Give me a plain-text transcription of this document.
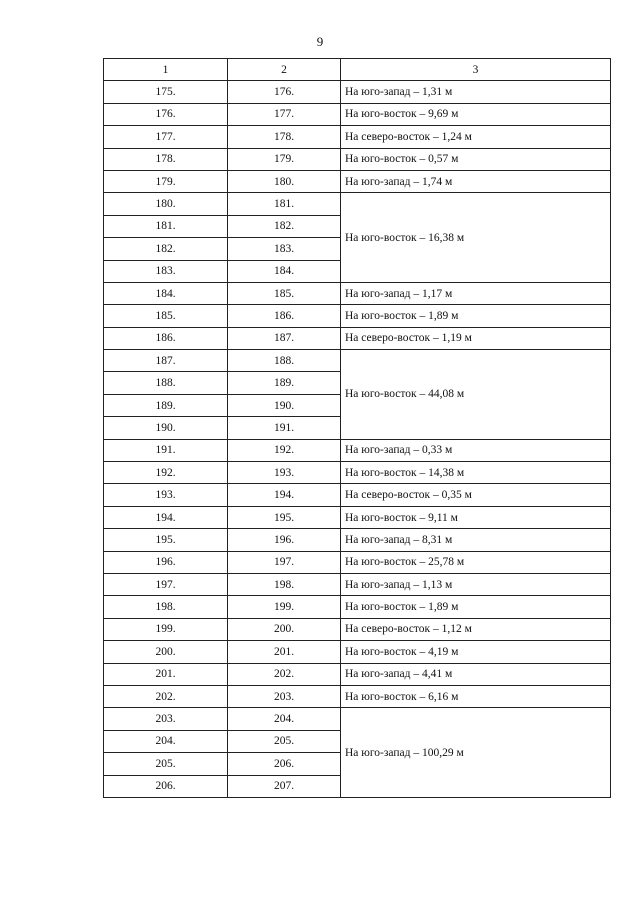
9
1	2	3
175.	176.	На юго-запад – 1,31 м
176.	177.	На юго-восток – 9,69 м
177.	178.	На северо-восток – 1,24 м
178.	179.	На юго-восток – 0,57 м
179.	180.	На юго-запад – 1,74 м
180.	181.	На юго-восток – 16,38 м
181.	182.	
182.	183.	
183.	184.	
184.	185.	На юго-запад – 1,17 м
185.	186.	На юго-восток – 1,89 м
186.	187.	На северо-восток – 1,19 м
187.	188.	На юго-восток – 44,08 м
188.	189.	
189.	190.	
190.	191.	
191.	192.	На юго-запад – 0,33 м
192.	193.	На юго-восток – 14,38 м
193.	194.	На северо-восток – 0,35 м
194.	195.	На юго-восток – 9,11 м
195.	196.	На юго-запад – 8,31 м
196.	197.	На юго-восток – 25,78 м
197.	198.	На юго-запад – 1,13 м
198.	199.	На юго-восток – 1,89 м
199.	200.	На северо-восток – 1,12 м
200.	201.	На юго-восток – 4,19 м
201.	202.	На юго-запад – 4,41 м
202.	203.	На юго-восток – 6,16 м
203.	204.	На юго-запад – 100,29 м
204.	205.	
205.	206.	
206.	207.	
